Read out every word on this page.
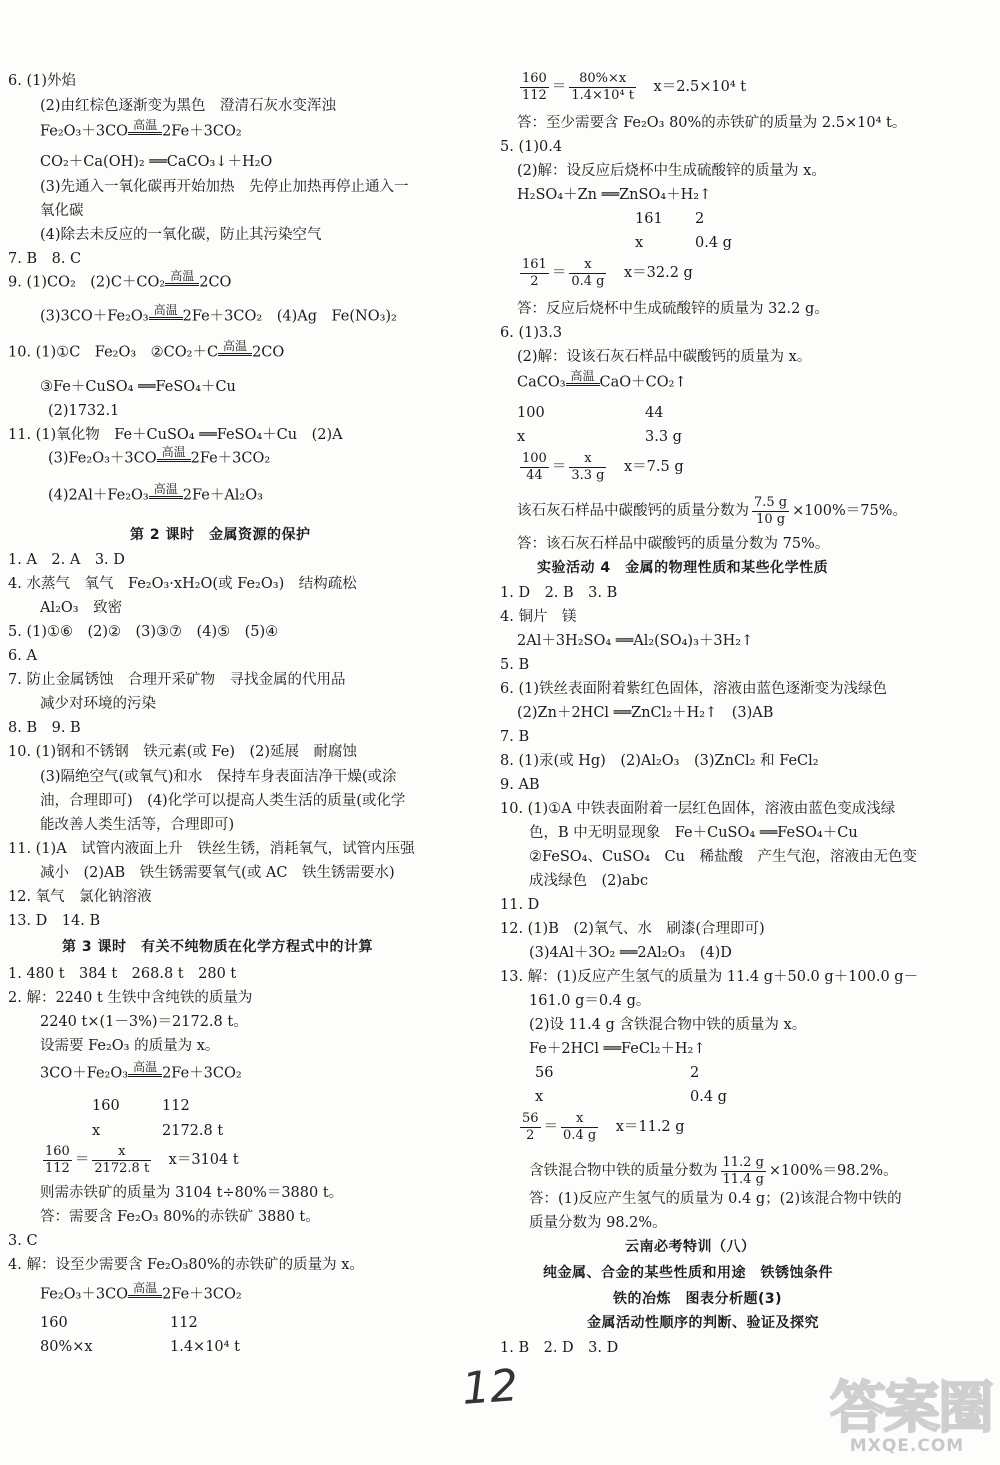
6. (1)外焰
(2)由红棕色逐渐变为黑色　澄清石灰水变浑浊
Fe₂O₃＋3CO 高温 2Fe＋3CO₂
CO₂＋Ca(OH)₂ ══CaCO₃↓＋H₂O
(3)先通入一氧化碳再开始加热　先停止加热再停止通入一
氧化碳
(4)除去未反应的一氧化碳，防止其污染空气
7. B　8. C
9. (1)CO₂　(2)C＋CO₂ 高温 2CO
(3)3CO＋Fe₂O₃ 高温 2Fe＋3CO₂　(4)Ag　Fe(NO₃)₂
10. (1)①C　Fe₂O₃　②CO₂＋C 高温 2CO
③Fe＋CuSO₄ ══FeSO₄＋Cu
(2)1732.1
11. (1)氧化物　Fe＋CuSO₄ ══FeSO₄＋Cu　(2)A
(3)Fe₂O₃＋3CO 高温 2Fe＋3CO₂
(4)2Al＋Fe₂O₃ 高温 2Fe＋Al₂O₃
第 2 课时　金属资源的保护
1. A　2. A　3. D
4. 水蒸气　氧气　Fe₂O₃·xH₂O(或 Fe₂O₃)　结构疏松
Al₂O₃　致密
5. (1)①⑥　(2)②　(3)③⑦　(4)⑤　(5)④
6. A
7. 防止金属锈蚀　合理开采矿物　寻找金属的代用品
减少对环境的污染
8. B　9. B
10. (1)钢和不锈钢　铁元素(或 Fe)　(2)延展　耐腐蚀
(3)隔绝空气(或氧气)和水　保持车身表面洁净干燥(或涂
油，合理即可)　(4)化学可以提高人类生活的质量(或化学
能改善人类生活等，合理即可)
11. (1)A　试管内液面上升　铁丝生锈，消耗氧气，试管内压强
减小　(2)AB　铁生锈需要氧气(或 AC　铁生锈需要水)
12. 氧气　氯化钠溶液
13. D　14. B
第 3 课时　有关不纯物质在化学方程式中的计算
1. 480 t　384 t　268.8 t　280 t
2. 解：2240 t 生铁中含纯铁的质量为
2240 t×(1－3%)＝2172.8 t。
设需要 Fe₂O₃ 的质量为 x。
3CO＋Fe₂O₃ 高温 2Fe＋3CO₂
160	112
x	2172.8 t
$\frac{160}{112} = \frac{x}{2172.8 t}$
　 x＝3104 t
则需赤铁矿的质量为 3104 t÷80%＝3880 t。
答：需要含 Fe₂O₃ 80%的赤铁矿 3880 t。
3. C
4. 解：设至少需要含 Fe₂O₃80%的赤铁矿的质量为 x。
Fe₂O₃＋3CO 高温 2Fe＋3CO₂
160	112
80%×x	1.4×10⁴ t
$\frac{160}{112} = \frac{80\%\times x}{\text{1.4×10⁴ t}}$
　 x＝2.5×10⁴ t
答：至少需要含 Fe₂O₃ 80%的赤铁矿的质量为 2.5×10⁴ t。
5. (1)0.4
(2)解：设反应后烧杯中生成硫酸锌的质量为 x。
H₂SO₄＋Zn ══ZnSO₄＋H₂↑
161 2
x	0.4 g
$\frac{161}{2} = \frac{x}{0.4 g}$
　 x＝32.2 g
答：反应后烧杯中生成硫酸锌的质量为 32.2 g。
6. (1)3.3
(2)解：设该石灰石样品中碳酸钙的质量为 x。
CaCO₃ 高温 CaO＋CO₂↑
100	44
x	3.3 g
$\frac{100}{44} = \frac{x}{3.3 g}$
　 x＝7.5 g
该石灰石样品中碳酸钙的质量分数为 $\frac{7.5 g}{10 g} \times 100\%=75\%$。
答：该石灰石样品中碳酸钙的质量分数为 75%。
实验活动 4　金属的物理性质和某些化学性质
1. D　2. B　3. B
4. 铜片　镁
2Al＋3H₂SO₄ ══Al₂(SO₄)₃＋3H₂↑
5. B
6. (1)铁丝表面附着紫红色固体，溶液由蓝色逐渐变为浅绿色
(2)Zn＋2HCl ══ZnCl₂＋H₂↑　(3)AB
7. B
8. (1)汞(或 Hg)　(2)Al₂O₃　(3)ZnCl₂ 和 FeCl₂
9. AB
10. (1)①A 中铁表面附着一层红色固体，溶液由蓝色变成浅绿
色，B 中无明显现象　Fe＋CuSO₄ ══FeSO₄＋Cu
②FeSO₄、CuSO₄　Cu　稀盐酸　产生气泡，溶液由无色变
成浅绿色　(2)abc
11. D
12. (1)B　(2)氧气、水　刷漆(合理即可)
(3)4Al＋3O₂ ══2Al₂O₃　(4)D
13. 解：(1)反应产生氢气的质量为 11.4 g＋50.0 g＋100.0 g－
161.0 g＝0.4 g。
(2)设 11.4 g 含铁混合物中铁的质量为 x。
Fe＋2HCl ══FeCl₂＋H₂↑
56	2
x	0.4 g
$\frac{56}{2} = \frac{x}{0.4 g}$
　 x＝11.2 g
含铁混合物中铁的质量分数为 $\frac{11.2 g}{11.4 g} \times 100\%=98.2\%$。
答：(1)反应产生氢气的质量为 0.4 g；(2)该混合物中铁的
质量分数为 98.2%。
云南必考特训（八）
纯金属、合金的某些性质和用途　铁锈蚀条件
铁的冶炼　图表分析题(3)
金属活动性顺序的判断、验证及探究
1. B　2. D　3. D
12	答案圈
MXQE.COM
